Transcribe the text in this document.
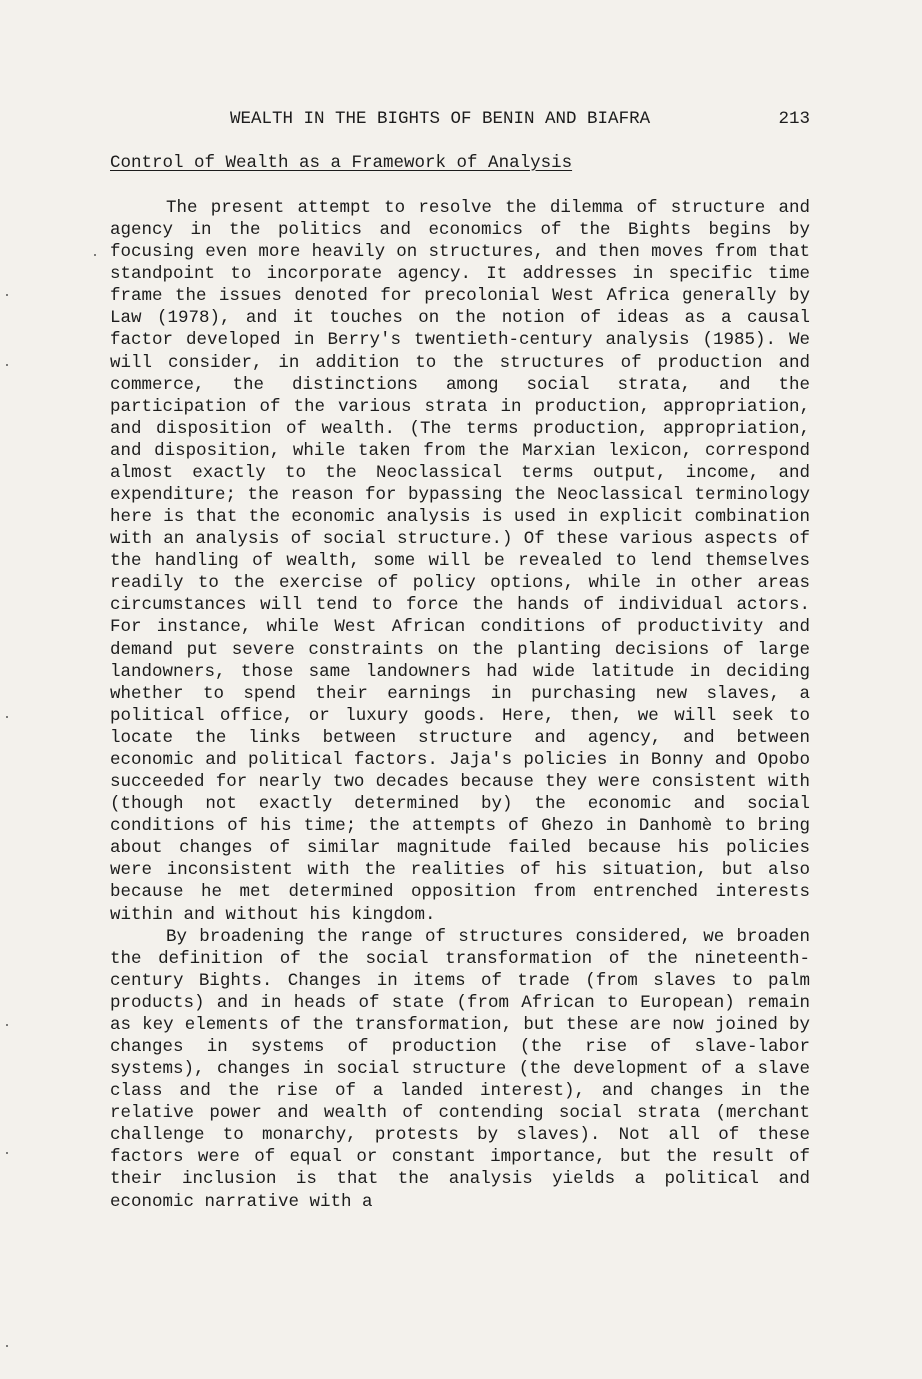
WEALTH IN THE BIGHTS OF BENIN AND BIAFRA	213
Control of Wealth as a Framework of Analysis

The present attempt to resolve the dilemma of structure and agency in the politics and economics of the Bights begins by focusing even more heavily on structures, and then moves from that standpoint to incorporate agency. It addresses in specific time frame the issues denoted for precolonial West Africa generally by Law (1978), and it touches on the notion of ideas as a causal factor developed in Berry's twentieth-century analysis (1985). We will consider, in addition to the structures of production and commerce, the distinctions among social strata, and the participation of the various strata in production, appropriation, and disposition of wealth. (The terms production, appropriation, and disposition, while taken from the Marxian lexicon, correspond almost exactly to the Neoclassical terms output, income, and expenditure; the reason for bypassing the Neoclassical terminology here is that the economic analysis is used in explicit combination with an analysis of social structure.) Of these various aspects of the handling of wealth, some will be revealed to lend themselves readily to the exercise of policy options, while in other areas circumstances will tend to force the hands of individual actors. For instance, while West African conditions of productivity and demand put severe constraints on the planting decisions of large landowners, those same landowners had wide latitude in deciding whether to spend their earnings in purchasing new slaves, a political office, or luxury goods. Here, then, we will seek to locate the links between structure and agency, and between economic and political factors. Jaja's policies in Bonny and Opobo succeeded for nearly two decades because they were consistent with (though not exactly determined by) the economic and social conditions of his time; the attempts of Ghezo in Danhomè to bring about changes of similar magnitude failed because his policies were inconsistent with the realities of his situation, but also because he met determined opposition from entrenched interests within and without his kingdom.

By broadening the range of structures considered, we broaden the definition of the social transformation of the nineteenth-century Bights. Changes in items of trade (from slaves to palm products) and in heads of state (from African to European) remain as key elements of the transformation, but these are now joined by changes in systems of production (the rise of slave-labor systems), changes in social structure (the development of a slave class and the rise of a landed interest), and changes in the relative power and wealth of contending social strata (merchant challenge to monarchy, protests by slaves). Not all of these factors were of equal or constant importance, but the result of their inclusion is that the analysis yields a political and economic narrative with a
